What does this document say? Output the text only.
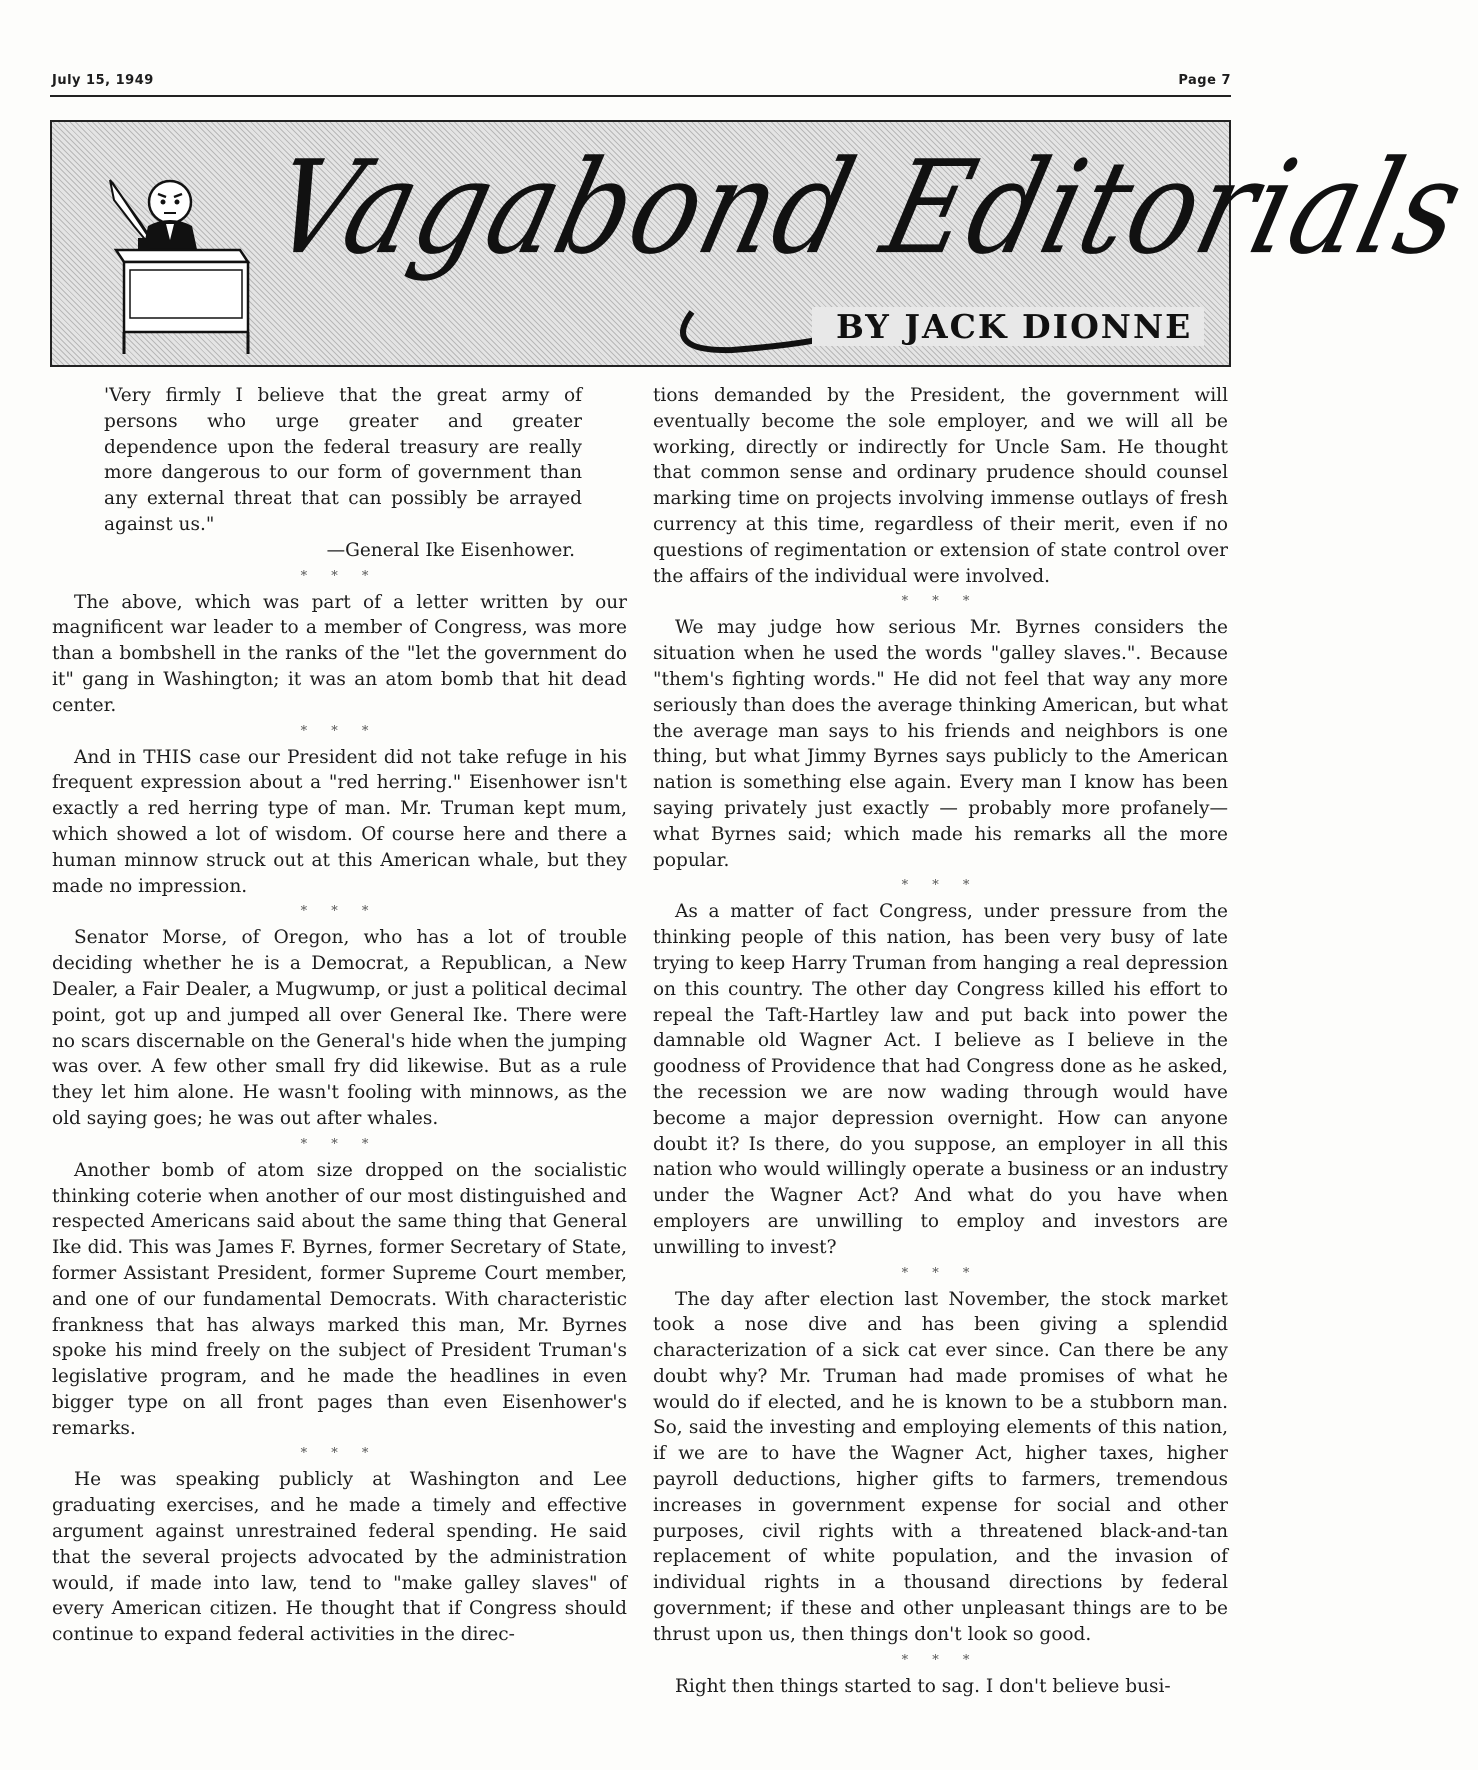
July 15, 1949	Page 7
Vagabond Editorials
BY JACK DIONNE

'Very firmly I believe that the great army of persons who urge greater and greater dependence upon the federal treasury are really more dangerous to our form of government than any external threat that can possibly be arrayed against us."

—General Ike Eisenhower.
* * *

The above, which was part of a letter written by our magnificent war leader to a member of Congress, was more than a bombshell in the ranks of the "let the government do it" gang in Washington; it was an atom bomb that hit dead center.

* * *

And in THIS case our President did not take refuge in his frequent expression about a "red herring." Eisenhower isn't exactly a red herring type of man. Mr. Truman kept mum, which showed a lot of wisdom. Of course here and there a human minnow struck out at this American whale, but they made no impression.

* * *

Senator Morse, of Oregon, who has a lot of trouble deciding whether he is a Democrat, a Republican, a New Dealer, a Fair Dealer, a Mugwump, or just a political decimal point, got up and jumped all over General Ike. There were no scars discernable on the General's hide when the jumping was over. A few other small fry did likewise. But as a rule they let him alone. He wasn't fooling with minnows, as the old saying goes; he was out after whales.

* * *

Another bomb of atom size dropped on the socialistic thinking coterie when another of our most distinguished and respected Americans said about the same thing that General Ike did. This was James F. Byrnes, former Secretary of State, former Assistant President, former Supreme Court member, and one of our fundamental Democrats. With characteristic frankness that has always marked this man, Mr. Byrnes spoke his mind freely on the subject of President Truman's legislative program, and he made the headlines in even bigger type on all front pages than even Eisenhower's remarks.

* * *

He was speaking publicly at Washington and Lee graduating exercises, and he made a timely and effective argument against unrestrained federal spending. He said that the several projects advocated by the administration would, if made into law, tend to "make galley slaves" of every American citizen. He thought that if Congress should continue to expand federal activities in the direc-

tions demanded by the President, the government will eventually become the sole employer, and we will all be working, directly or indirectly for Uncle Sam. He thought that common sense and ordinary prudence should counsel marking time on projects involving immense outlays of fresh currency at this time, regardless of their merit, even if no questions of regimentation or extension of state control over the affairs of the individual were involved.

* * *

We may judge how serious Mr. Byrnes considers the situation when he used the words "galley slaves.". Because "them's fighting words." He did not feel that way any more seriously than does the average thinking American, but what the average man says to his friends and neighbors is one thing, but what Jimmy Byrnes says publicly to the American nation is something else again. Every man I know has been saying privately just exactly — probably more profanely—what Byrnes said; which made his remarks all the more popular.

* * *

As a matter of fact Congress, under pressure from the thinking people of this nation, has been very busy of late trying to keep Harry Truman from hanging a real depression on this country. The other day Congress killed his effort to repeal the Taft-Hartley law and put back into power the damnable old Wagner Act. I believe as I believe in the goodness of Providence that had Congress done as he asked, the recession we are now wading through would have become a major depression overnight. How can anyone doubt it? Is there, do you suppose, an employer in all this nation who would willingly operate a business or an industry under the Wagner Act? And what do you have when employers are unwilling to employ and investors are unwilling to invest?

* * *

The day after election last November, the stock market took a nose dive and has been giving a splendid characterization of a sick cat ever since. Can there be any doubt why? Mr. Truman had made promises of what he would do if elected, and he is known to be a stubborn man. So, said the investing and employing elements of this nation, if we are to have the Wagner Act, higher taxes, higher payroll deductions, higher gifts to farmers, tremendous increases in government expense for social and other purposes, civil rights with a threatened black-and-tan replacement of white population, and the invasion of individual rights in a thousand directions by federal government; if these and other unpleasant things are to be thrust upon us, then things don't look so good.

* * *

Right then things started to sag. I don't believe busi-
